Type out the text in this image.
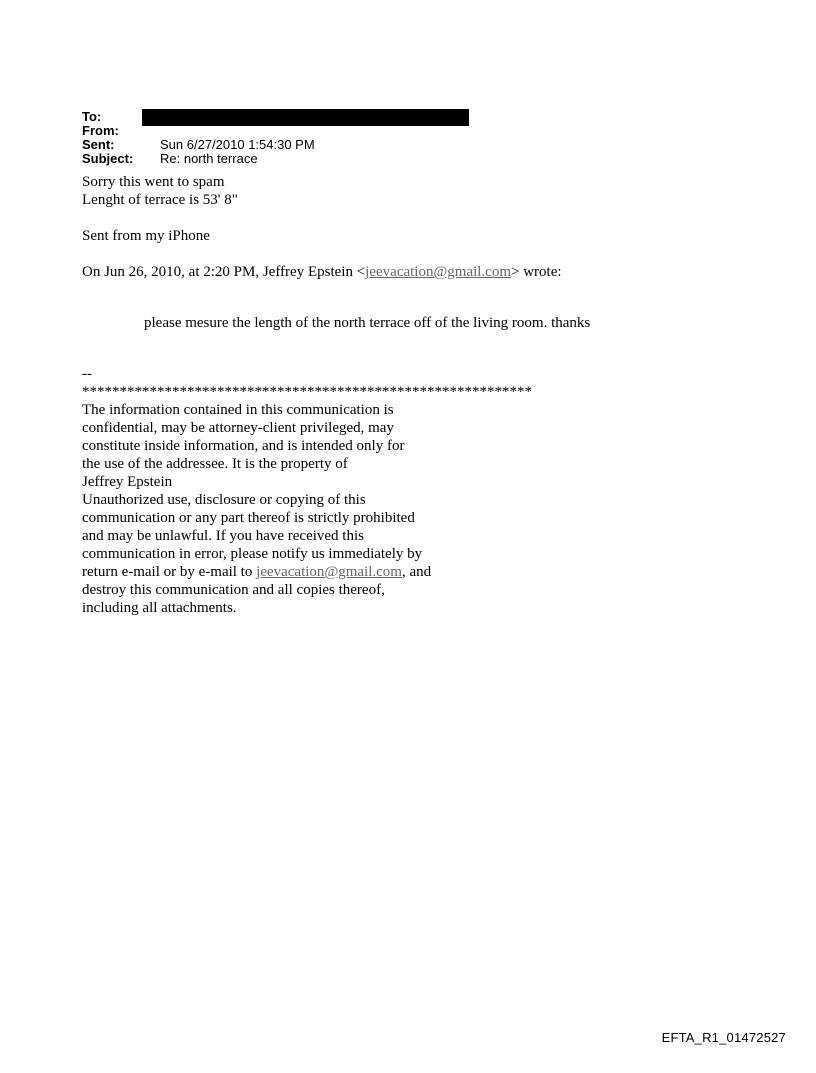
To:
From:
Sent:	Sun 6/27/2010 1:54:30 PM
Subject:	Re: north terrace

Sorry this went to spam

Lenght of terrace is 53' 8"

Sent from my iPhone

On Jun 26, 2010, at 2:20 PM, Jeffrey Epstein <jeevacation@gmail.com> wrote:

please mesure the length of the north terrace off of the living room. thanks

--

************************************************************

The information contained in this communication is

confidential, may be attorney-client privileged, may

constitute inside information, and is intended only for

the use of the addressee. It is the property of

Jeffrey Epstein

Unauthorized use, disclosure or copying of this

communication or any part thereof is strictly prohibited

and may be unlawful. If you have received this

communication in error, please notify us immediately by

return e-mail or by e-mail to jeevacation@gmail.com, and

destroy this communication and all copies thereof,

including all attachments.

EFTA_R1_01472527
